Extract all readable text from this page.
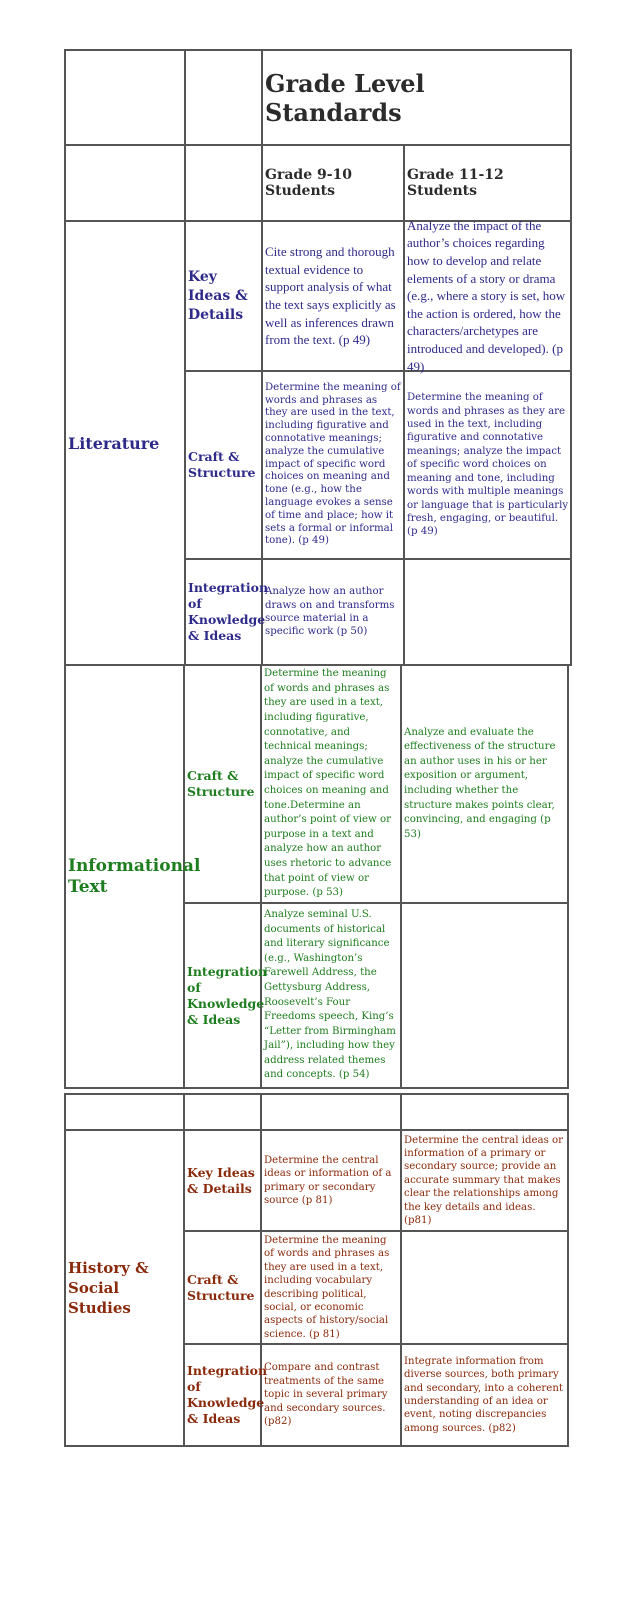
Grade Level Standards
Grade 9-10 Students
Grade 11-12 Students
Literature
Key Ideas & Details
Cite strong and thorough textual evidence to support analysis of what the text says explicitly as well as inferences drawn from the text. (p 49)
Analyze the impact of the author’s choices regarding how to develop and relate elements of a story or drama (e.g., where a story is set, how the action is ordered, how the characters/archetypes are introduced and developed). (p 49)
Craft & Structure
Determine the meaning of words and phrases as they are used in the text, including figurative and connotative meanings; analyze the cumulative impact of specific word choices on meaning and tone (e.g., how the language evokes a sense of time and place; how it sets a formal or informal tone). (p 49)
Determine the meaning of words and phrases as they are used in the text, including figurative and connotative meanings; analyze the impact of specific word choices on meaning and tone, including words with multiple meanings or language that is particularly fresh, engaging, or beautiful. (p 49)
Integration of Knowledge & Ideas
Analyze how an author draws on and transforms source material in a specific work (p 50)
Informational Text
Craft & Structure
Determine the meaning of words and phrases as they are used in a text, including figurative, connotative, and technical meanings; analyze the cumulative impact of specific word choices on meaning and tone.Determine an author’s point of view or purpose in a text and analyze how an author uses rhetoric to advance that point of view or purpose. (p 53)
Analyze and evaluate the effectiveness of the structure an author uses in his or her exposition or argument, including whether the structure makes points clear, convincing, and engaging (p 53)
Integration of Knowledge & Ideas
Analyze seminal U.S. documents of historical and literary significance (e.g., Washington’s Farewell Address, the Gettysburg Address, Roosevelt’s Four Freedoms speech, King’s “Letter from Birmingham Jail”), including how they address related themes and concepts. (p 54)
History & Social Studies
Key Ideas & Details
Determine the central ideas or information of a primary or secondary source (p 81)
Determine the central ideas or information of a primary or secondary source; provide an accurate summary that makes clear the relationships among the key details and ideas. (p81)
Craft & Structure
Determine the meaning of words and phrases as they are used in a text, including vocabulary describing political, social, or economic aspects of history/social science. (p 81)
Integration of Knowledge & Ideas
Compare and contrast treatments of the same topic in several primary and secondary sources. (p82)
Integrate information from diverse sources, both primary and secondary, into a coherent understanding of an idea or event, noting discrepancies among sources. (p82)
